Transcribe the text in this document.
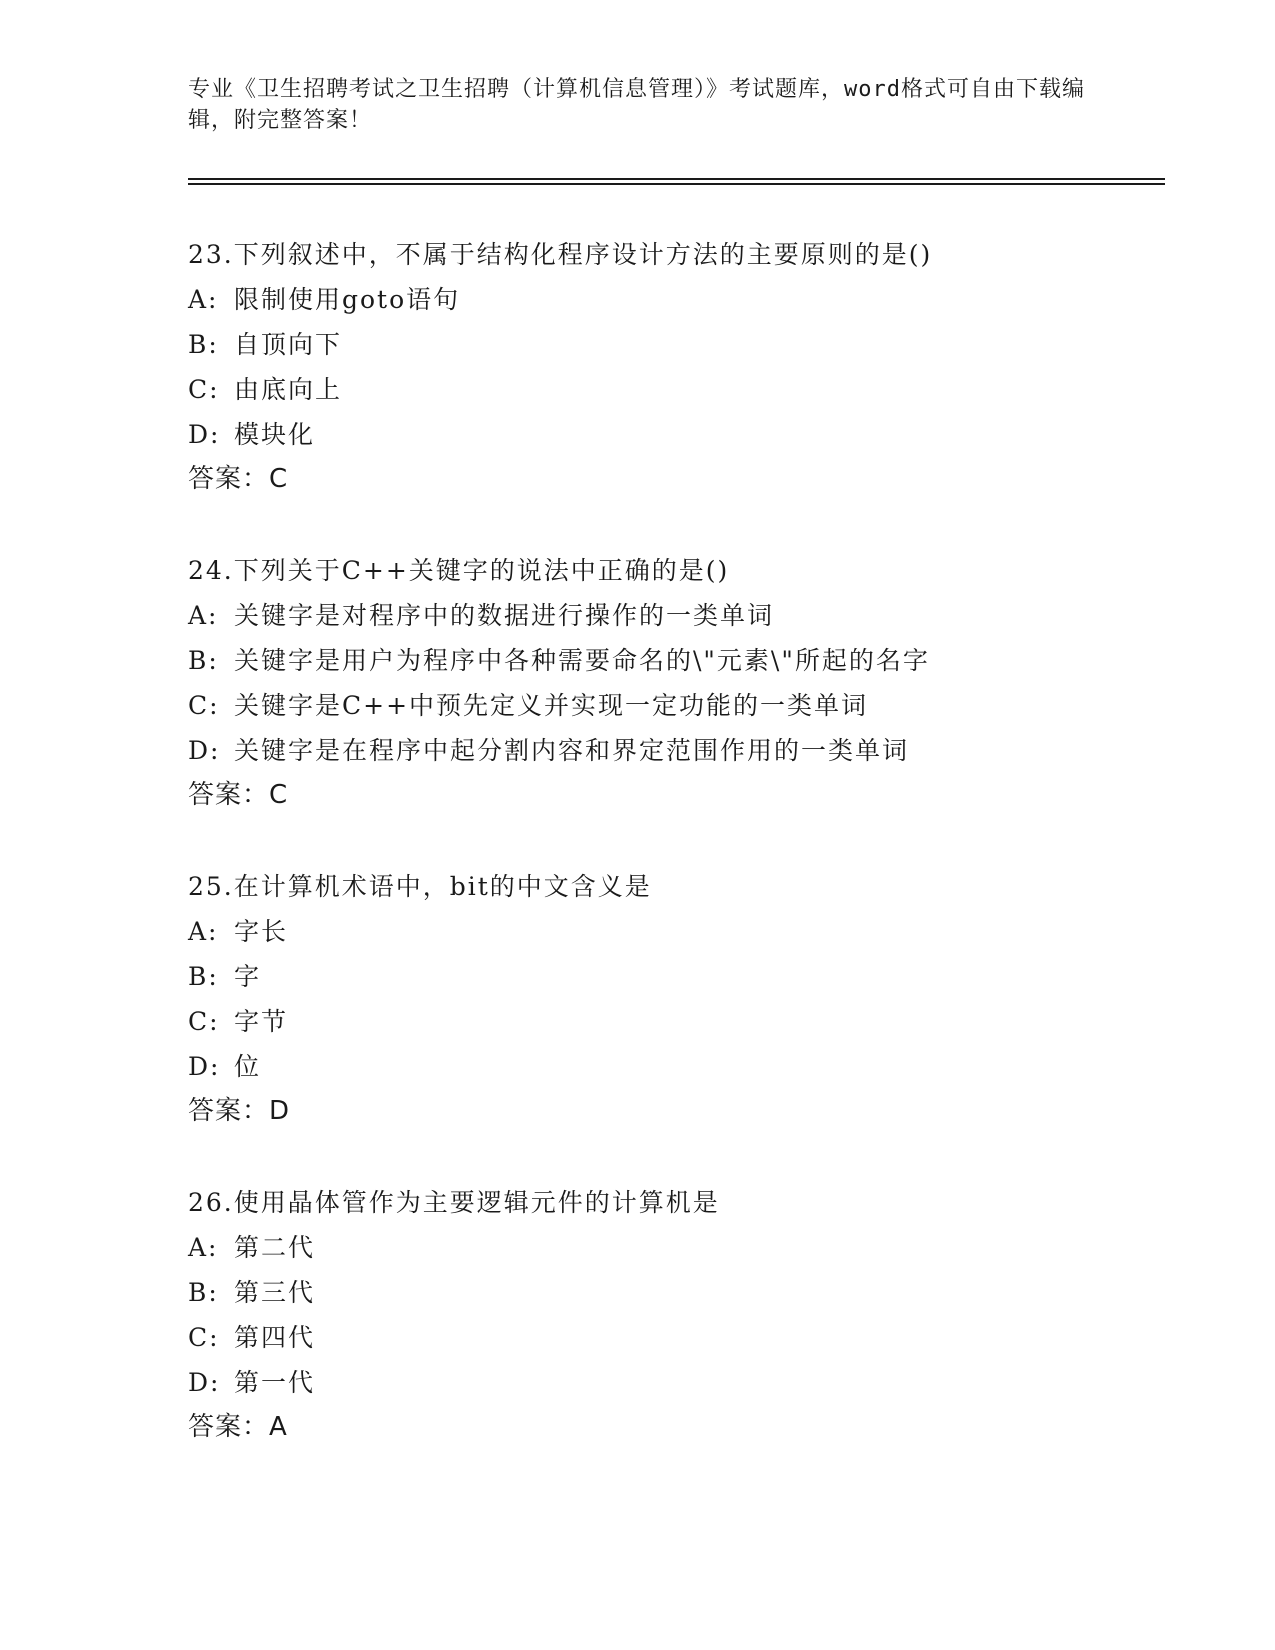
专业《卫生招聘考试之卫生招聘（计算机信息管理）》考试题库，word格式可自由下载编辑，附完整答案！
23.下列叙述中，不属于结构化程序设计方法的主要原则的是()
A: 限制使用goto语句
B: 自顶向下
C: 由底向上
D: 模块化
答案：C
24.下列关于C++关键字的说法中正确的是()
A: 关键字是对程序中的数据进行操作的一类单词
B: 关键字是用户为程序中各种需要命名的\"元素\"所起的名字
C: 关键字是C++中预先定义并实现一定功能的一类单词
D: 关键字是在程序中起分割内容和界定范围作用的一类单词
答案：C
25.在计算机术语中，bit的中文含义是
A: 字长
B: 字
C: 字节
D: 位
答案：D
26.使用晶体管作为主要逻辑元件的计算机是
A: 第二代
B: 第三代
C: 第四代
D: 第一代
答案：A
